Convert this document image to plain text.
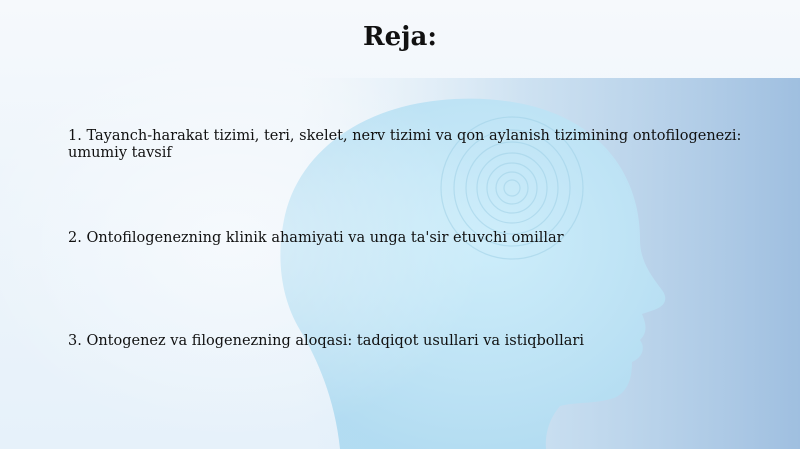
Reja:
1. Tayanch-harakat tizimi, teri, skelet, nerv tizimi va qon aylanish tizimining ontofilogenezi: umumiy tavsif
2. Ontofilogenezning klinik ahamiyati va unga ta'sir etuvchi omillar
3. Ontogenez va filogenezning aloqasi: tadqiqot usullari va istiqbollari
